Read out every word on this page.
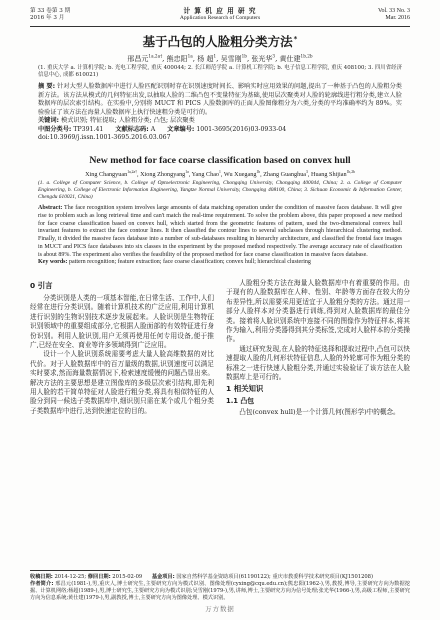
第 33 卷第 3 期
2016 年 3 月
计 算 机 应 用 研 究
Application Research of Computers
Vol. 33 No. 3
Mar. 2016
基于凸包的人脸粗分类方法*
邢昌元$^{1a,2a\dagger}$, 熊忠阳$^{1a}$, 杨 超$^1$, 吴雪刚$^{1b}$, 张光华$^3$, 黄仕建$^{1b,2b}$
(1. 重庆大学 a. 计算机学院; b. 光电工程学院, 重庆 400044; 2. 长江师范学院 a. 计算机工程学院; b. 电子信息工程学院, 重庆 408100; 3. 四川省经济信息中心, 成都 610021)
摘 要: 针对大型人脸数据库中进行人脸匹配识别时存在识别速度时间长、影响实时应用效果的问题,提出了一种基于凸包的人脸粗分类新方法。该方法从模式的几何特征出发,以抽取人脸的二维凸包不变量特征为基础,使用层次聚类对人脸的轮廓线进行粗分类,建立人脸数据库的层次索引结构。在实验中,分别将 MUCT 和 PICS 人脸数据库的正面人脸图像粗分为六类,分类的平均准确率约为 89%。实验验证了该方法在海量人脸数据库上执行快速粗分类是可行的。
关键词: 模式识别; 特征提取; 人脸粗分类; 凸包; 层次聚类
中图分类号: TP391.41 文献标志码: A 文章编号: 1001-3695(2016)03-0933-04
doi:10.3969/j.issn.1001-3695.2016.03.067
New method for face coarse classification based on convex hull
Xing Changyuan$^{1a,2a\dagger}$, Xiong Zhongyang$^{1a}$, Yang Chao$^1$, Wu Xuegang$^{1b}$, Zhang Guanghua$^3$, Huang Shijian$^{1b,2b}$
(1. a. College of Computer Science, b. College of Optoelectronic Engineering, Chongqing University, Chongqing 400044, China; 2. a. College of Computer Engineering, b. College of Electronic Information Engineering, Yangtze Normal University, Chongqing 408100, China; 3. Sichuan Economic & Information Center, Chengdu 610021, China)
Abstract: The face recognition system involves large amounts of data matching operation under the condition of massive faces database. It will give rise to problem such as long retrieval time and can't match the real-time requirement. To solve the problem above, this paper proposed a new method for face coarse classification based on convex hull, which started from the geometric features of pattern, used the two-dimensional convex hull invariant features to extract the face contour lines. It then classified the contour lines to several subclasses through hierarchical clustering method. Finally, it divided the massive faces database into a number of sub-databases resulting in hierarchy architecture, and classified the frontal face images in MUCT and PICS face databases into six classes in the experiment by the proposed method respectively. The average accuracy rate of classification is about 89%. The experiment also verifies the feasibility of the proposed method for face coarse classification in massive faces database.
Key words: pattern recognition; feature extraction; face coarse classification; convex hull; hierarchical clustering
0 引言

分类识别是人类的一项基本智能,在日常生活、工作中,人们经常在进行分类识别。随着计算机技术的广泛应用,利用计算机进行识别的生物识别技术逐步发展起来。人脸识别是生物特征识别领域中的重要组成部分,它根据人脸面部的有效特征进行身份识别。利用人脸识别,用户无须再使用任何专用设备,便于推广,已经在安全、商业等许多领域得到广泛应用。

设计一个人脸识别系统需要考虑大量人脸高维数据的对比代价。对于人脸数据库中的百万量级的数据,识别速度可以满足实时要求,然而海量数据情况下,检索速度缓慢的问题凸显出来。解决方法的主要思想是建立图像库的多级层次索引结构,即先利用人脸的若干简单特征对人脸进行粗分类,将具有相似特征的人脸分到同一候选子类数据库中,细识别只需在某个或几个粗分类子类数据库中进行,达到快速定位的目的。

人脸粗分类方法在海量人脸数据库中有着重要的作用。由于现有的人脸数据库在人种、性别、年龄等方面存在较大的分布差异性,所以需要采用更适宜于人脸粗分类的方法。通过用一部分人脸样本对分类器进行训练,得到对人脸数据库的最佳分类。接着将人脸识别系统中连接不同的图像作为特征样本,将其作为输入,利用分类器得到其分类标签,完成对人脸样本的分类操作。

通过研究发现,在人脸的特征选择和提取过程中,凸包可以快速提取人脸的几何形状特征信息,人脸的外轮廓可作为粗分类的标准之一进行快速人脸粗分类,并通过实验验证了该方法在人脸数据库上是可行的。

1 相关知识
1.1 凸包

凸包(convex hull)是一个计算几何(图形学)中的概念。

收稿日期: 2014-12-25; 修回日期: 2015-02-09 基金项目: 国家自然科学基金资助项目(61190122); 重庆市教委科学技术研究项目(KJ1501208)
作者简介: 邢昌元(1981-),男,重庆人,博士研究生,主要研究方向为模式识别、图像处理(cyxing@cqu.edu.cn);熊忠阳(1962-),男,教授,博导,主要研究方向为数据挖掘、计算机网络;杨超(1989-),男,博士研究生,主要研究方向为模式识别;吴雪刚(1979-),男,讲师,博士,主要研究方向为信号处理;张光华(1966-),男,高级工程师,主要研究方向为信息系统;黄仕建(1979-),男,副教授,博士,主要研究方向为图像处理、模式识别。
万方数据
